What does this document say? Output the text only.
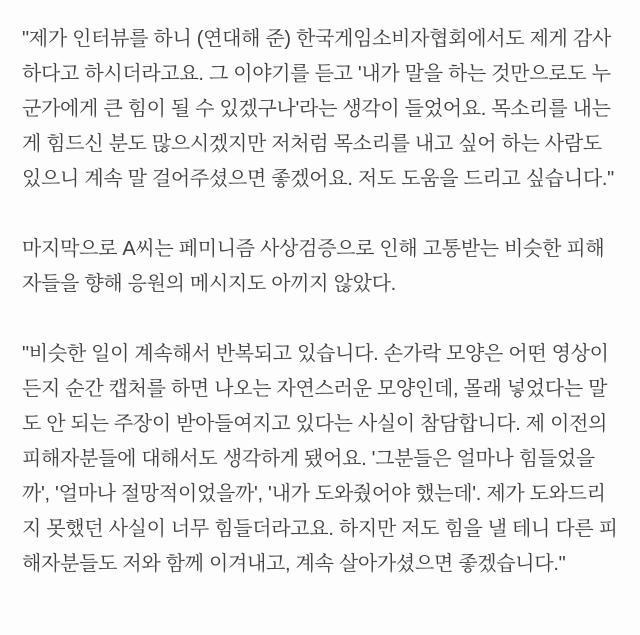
"제가 인터뷰를 하니 (연대해 준) 한국게임소비자협회에서도 제게 감사
하다고 하시더라고요. 그 이야기를 듣고 '내가 말을 하는 것만으로도 누
군가에게 큰 힘이 될 수 있겠구나'라는 생각이 들었어요. 목소리를 내는
게 힘드신 분도 많으시겠지만 저처럼 목소리를 내고 싶어 하는 사람도
있으니 계속 말 걸어주셨으면 좋겠어요. 저도 도움을 드리고 싶습니다."

마지막으로 A씨는 페미니즘 사상검증으로 인해 고통받는 비슷한 피해
자들을 향해 응원의 메시지도 아끼지 않았다.

"비슷한 일이 계속해서 반복되고 있습니다. 손가락 모양은 어떤 영상이
든지 순간 캡처를 하면 나오는 자연스러운 모양인데, 몰래 넣었다는 말
도 안 되는 주장이 받아들여지고 있다는 사실이 참담합니다. 제 이전의
피해자분들에 대해서도 생각하게 됐어요. '그분들은 얼마나 힘들었을
까', '얼마나 절망적이었을까', '내가 도와줬어야 했는데'. 제가 도와드리
지 못했던 사실이 너무 힘들더라고요. 하지만 저도 힘을 낼 테니 다른 피
해자분들도 저와 함께 이겨내고, 계속 살아가셨으면 좋겠습니다."
